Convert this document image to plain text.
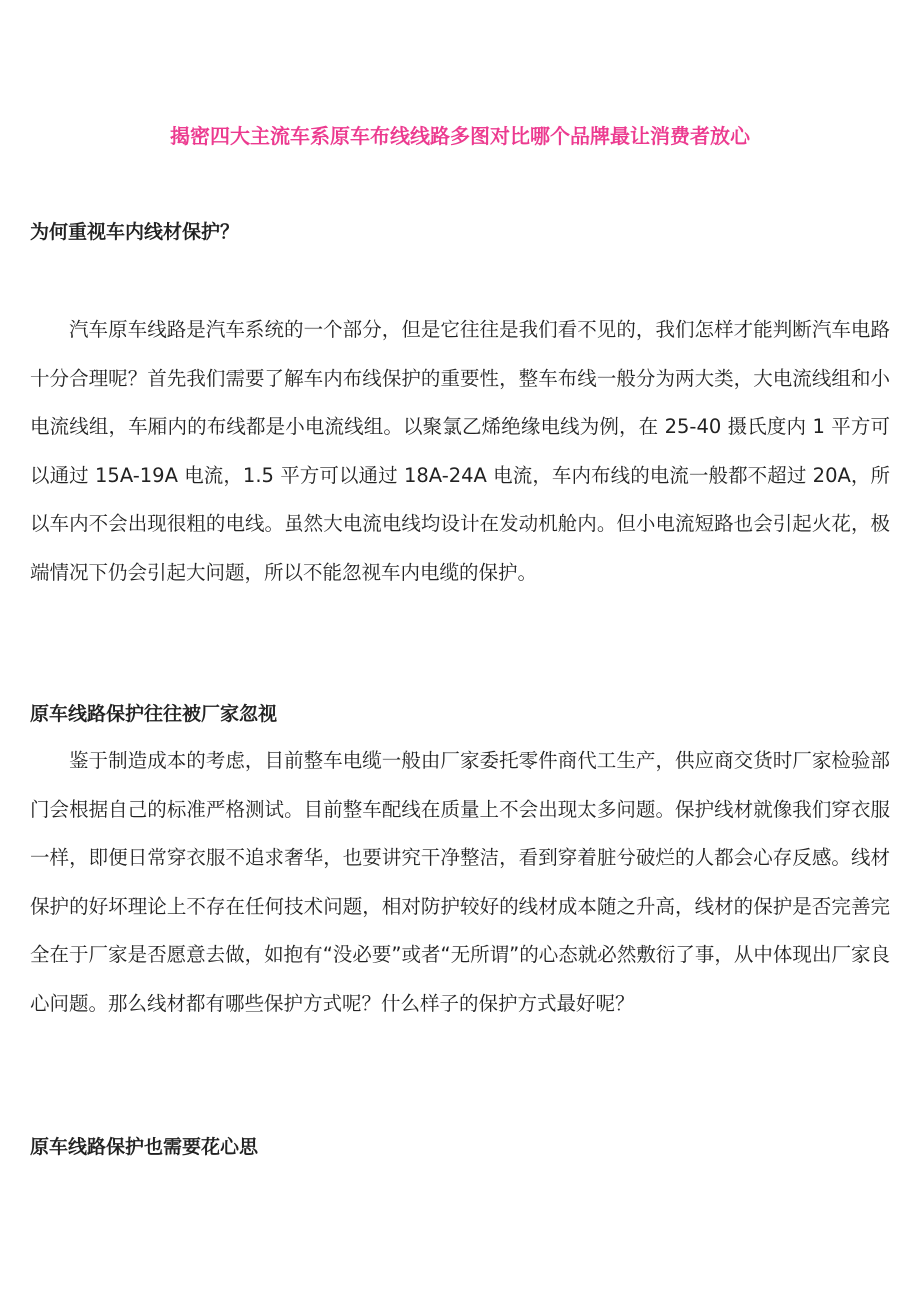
揭密四大主流车系原车布线线路多图对比哪个品牌最让消费者放心
为何重视车内线材保护？

汽车原车线路是汽车系统的一个部分，但是它往往是我们看不见的，我们怎样才能判断汽车电路十分合理呢？首先我们需要了解车内布线保护的重要性，整车布线一般分为两大类，大电流线组和小电流线组，车厢内的布线都是小电流线组。以聚氯乙烯绝缘电线为例，在 25-40 摄氏度内 1 平方可以通过 15A-19A 电流，1.5 平方可以通过 18A-24A 电流，车内布线的电流一般都不超过 20A，所以车内不会出现很粗的电线。虽然大电流电线均设计在发动机舱内。但小电流短路也会引起火花，极端情况下仍会引起大问题，所以不能忽视车内电缆的保护。

原车线路保护往往被厂家忽视

鉴于制造成本的考虑，目前整车电缆一般由厂家委托零件商代工生产，供应商交货时厂家检验部门会根据自己的标准严格测试。目前整车配线在质量上不会出现太多问题。保护线材就像我们穿衣服一样，即便日常穿衣服不追求奢华，也要讲究干净整洁，看到穿着脏兮破烂的人都会心存反感。线材保护的好坏理论上不存在任何技术问题，相对防护较好的线材成本随之升高，线材的保护是否完善完全在于厂家是否愿意去做，如抱有“没必要”或者“无所谓”的心态就必然敷衍了事，从中体现出厂家良心问题。那么线材都有哪些保护方式呢？什么样子的保护方式最好呢？

原车线路保护也需要花心思
